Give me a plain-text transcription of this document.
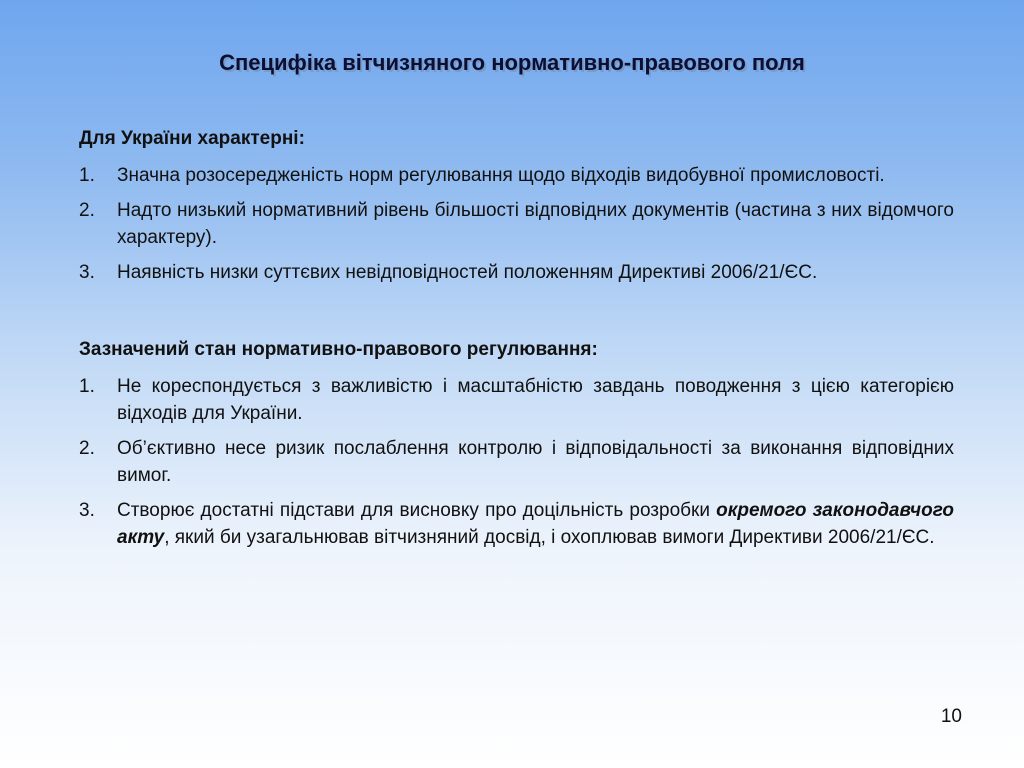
Специфіка вітчизняного нормативно-правового поля

Для України характерні:

1.	Значна розосередженість норм регулювання щодо відходів видобувної промисловості.
2.	Надто низький нормативний рівень більшості відповідних документів (частина з них відомчого характеру).
3.	Наявність низки суттєвих невідповідностей положенням Директиві 2006/21/ЄС.

Зазначений стан нормативно-правового регулювання:

1.	Не кореспондується з важливістю і масштабністю завдань поводження з цією категорією відходів для України.
2.	Об’єктивно несе ризик послаблення контролю і відповідальності за виконання відповідних вимог.
3.	Створює достатні підстави для висновку про доцільність розробки окремого законодавчого акту, який би узагальнював вітчизняний досвід, і охоплював вимоги Директиви 2006/21/ЄС.
10
